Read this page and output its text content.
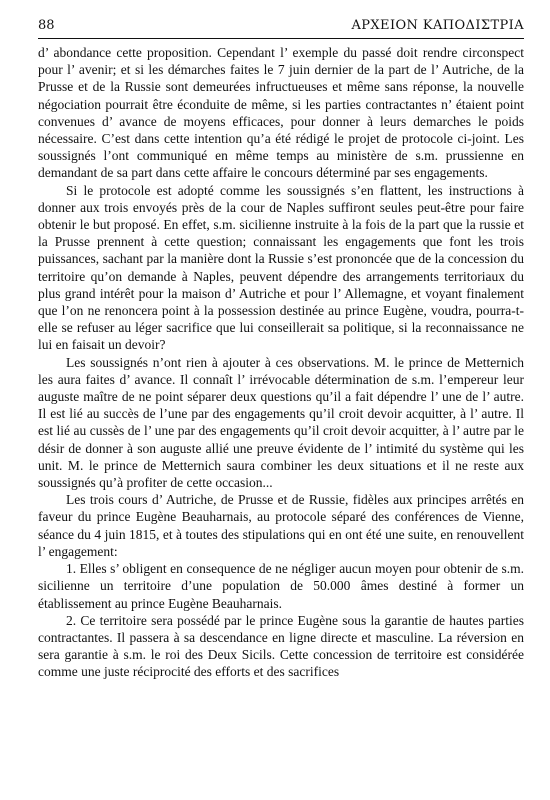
88	ΑΡΧΕΙΟΝ ΚΑΠΟΔΙΣΤΡΙΑ

d’ abondance cette proposition. Cependant l’ exemple du passé doit rendre circonspect pour l’ avenir; et si les démarches faites le 7 juin dernier de la part de l’ Autriche, de la Prusse et de la Russie sont demeurées infructueuses et même sans réponse, la nouvelle négociation pourrait être éconduite de même, si les parties contractantes n’ étaient point convenues d’ avance de moyens efficaces, pour donner à leurs demarches le poids nécessaire. C’est dans cette intention qu’a été rédigé le projet de protocole ci-joint. Les soussignés l’ont communiqué en même temps au ministère de s.m. prussienne en demandant de sa part dans cette affaire le concours déterminé par ses engagements.

Si le protocole est adopté comme les soussignés s’en flattent, les instructions à donner aux trois envoyés près de la cour de Naples suffiront seules peut-être pour faire obtenir le but proposé. En effet, s.m. sicilienne instruite à la fois de la part que la russie et la Prusse prennent à cette question; connaissant les engagements que font les trois puissances, sachant par la manière dont la Russie s’est prononcée que de la concession du territoire qu’on demande à Naples, peuvent dépendre des arrangements territoriaux du plus grand intérêt pour la maison d’ Autriche et pour l’ Allemagne, et voyant finalement que l’on ne renoncera point à la possession destinée au prince Eugène, voudra, pourra-t-elle se refuser au léger sacrifice que lui conseillerait sa politique, si la reconnaissance ne lui en faisait un devoir?

Les soussignés n’ont rien à ajouter à ces observations. M. le prince de Metternich les aura faites d’ avance. Il connaît l’ irrévocable détermination de s.m. l’empereur leur auguste maître de ne point séparer deux questions qu’il a fait dépendre l’ une de l’ autre. Il est lié au succès de l’une par des engagements qu’il croit devoir acquitter, à l’ autre. Il est lié au cussès de l’ une par des engagements qu’il croit devoir acquitter, à l’ autre par le désir de donner à son auguste allié une preuve évidente de l’ intimité du système qui les unit. M. le prince de Metternich saura combiner les deux situations et il ne reste aux soussignés qu’à profiter de cette occasion...

Les trois cours d’ Autriche, de Prusse et de Russie, fidèles aux principes arrêtés en faveur du prince Eugène Beauharnais, au protocole séparé des conférences de Vienne, séance du 4 juin 1815, et à toutes des stipulations qui en ont été une suite, en renouvellent l’ engagement:

1. Elles s’ obligent en consequence de ne négliger aucun moyen pour obtenir de s.m. sicilienne un territoire d’une population de 50.000 âmes destiné à former un établissement au prince Eugène Beauharnais.

2. Ce territoire sera possédé par le prince Eugène sous la garantie de hautes parties contractantes. Il passera à sa descendance en ligne directe et masculine. La réversion en sera garantie à s.m. le roi des Deux Sicils. Cette concession de territoire est considérée comme une juste réciprocité des efforts et des sacrifices
